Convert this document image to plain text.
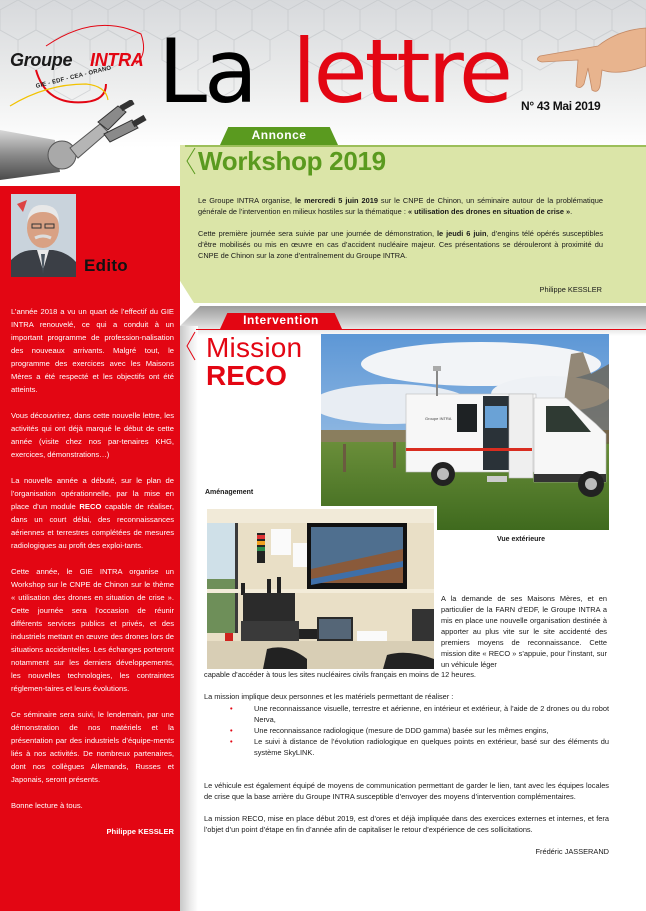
Groupe INTRA
GIE - EDF - CEA - ORANO La lettre N° 43 Mai 2019
Edito

L’année 2018 a vu un quart de l’effectif du GIE INTRA renouvelé, ce qui a conduit à un important programme de profession-nalisation des nouveaux arrivants. Malgré tout, le programme des exercices avec les Maisons Mères a été respecté et les objectifs ont été atteints.

Vous découvrirez, dans cette nouvelle lettre, les activités qui ont déjà marqué le début de cette année (visite chez nos par-tenaires KHG, exercices, démonstrations…)

La nouvelle année a débuté, sur le plan de l’organisation opérationnelle, par la mise en place d’un module RECO capable de réaliser, dans un court délai, des reconnaissances aériennes et terrestres complétées de mesures radiologiques au profit des exploi-tants.

Cette année, le GIE INTRA organise un Workshop sur le CNPE de Chinon sur le thème « utilisation des drones en situation de crise ». Cette journée sera l’occasion de réunir différents services publics et privés, et des industriels mettant en œuvre des drones lors de situations accidentelles. Les échanges porteront notamment sur les derniers développements, les nouvelles technologies, les contraintes réglemen-taires et leurs évolutions.

Ce séminaire sera suivi, le lendemain, par une démonstration de nos matériels et la présentation par des industriels d’équipe-ments liés à nos activités. De nombreux partenaires, dont nos collègues Allemands, Russes et Japonais, seront présents.

Bonne lecture à tous.

Philippe KESSLER

Annonce
Workshop 2019

Le Groupe INTRA organise, le mercredi 5 juin 2019 sur le CNPE de Chinon, un séminaire autour de la problématique générale de l’intervention en milieux hostiles sur la thématique : « utilisation des drones en situation de crise ».

Cette première journée sera suivie par une journée de démonstration, le jeudi 6 juin, d’engins télé opérés susceptibles d’être mobilisés ou mis en œuvre en cas d’accident nucléaire majeur. Ces présentations se dérouleront à proximité du CNPE de Chinon sur la zone d’entraînement du Groupe INTRA.

Philippe KESSLER
Intervention
Mission
RECO
Groupe INTRA
Vue extérieure
Aménagement
A la demande de ses Maisons Mères, et en particulier de la FARN d’EDF, le Groupe INTRA a mis en place une nouvelle organisation destinée à apporter au plus vite sur le site accidenté des premiers moyens de reconnaissance. Cette mission dite « RECO » s’appuie, pour l’instant, sur un véhicule léger

capable d’accéder à tous les sites nucléaires civils français en moins de 12 heures.

La mission implique deux personnes et les matériels permettant de réaliser :

•	Une reconnaissance visuelle, terrestre et aérienne, en intérieur et extérieur, à l’aide de 2 drones ou du robot Nerva,
•	Une reconnaissance radiologique (mesure de DDD gamma) basée sur les mêmes engins,
•	Le suivi à distance de l’évolution radiologique en quelques points en extérieur, basé sur des éléments du système SkyLINK.

Le véhicule est également équipé de moyens de communication permettant de garder le lien, tant avec les équipes locales de crise que la base arrière du Groupe INTRA susceptible d’envoyer des moyens d’intervention complémentaires.

La mission RECO, mise en place début 2019, est d’ores et déjà impliquée dans des exercices externes et internes, et fera l’objet d’un point d’étape en fin d’année afin de capitaliser le retour d’expérience de ces sollicitations.

Frédéric JASSERAND
